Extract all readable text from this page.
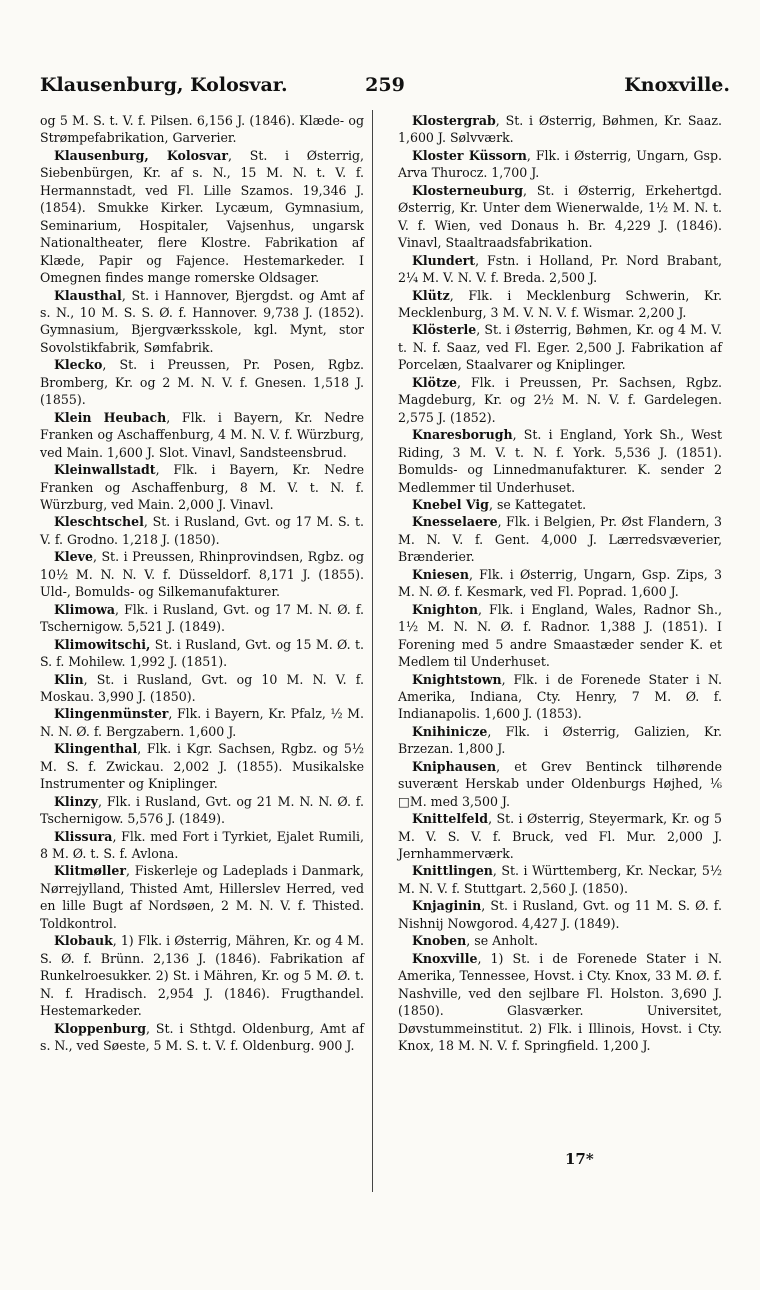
Klausenburg, Kolosvar.	259	Knoxville.

og 5 M. S. t. V. f. Pilsen. 6,156 J. (1846). Klæde- og Strømpefabrikation, Garverier.

Klausenburg, Kolosvar, St. i Østerrig, Siebenbürgen, Kr. af s. N., 15 M. N. t. V. f. Hermannstadt, ved Fl. Lille Szamos. 19,346 J. (1854). Smukke Kirker. Lycæum, Gymnasium, Seminarium, Hospitaler, Vajsenhus, ungarsk Nationaltheater, flere Klostre. Fabrikation af Klæde, Papir og Fajence. Hestemarkeder. I Omegnen findes mange romerske Oldsager.

Klausthal, St. i Hannover, Bjergdst. og Amt af s. N., 10 M. S. S. Ø. f. Hannover. 9,738 J. (1852). Gymnasium, Bjergværksskole, kgl. Mynt, stor Sovolstikfabrik, Sømfabrik.

Klecko, St. i Preussen, Pr. Posen, Rgbz. Bromberg, Kr. og 2 M. N. V. f. Gnesen. 1,518 J. (1855).

Klein Heubach, Flk. i Bayern, Kr. Nedre Franken og Aschaffenburg, 4 M. N. V. f. Würzburg, ved Main. 1,600 J. Slot. Vinavl, Sandsteensbrud.

Kleinwallstadt, Flk. i Bayern, Kr. Nedre Franken og Aschaffenburg, 8 M. V. t. N. f. Würzburg, ved Main. 2,000 J. Vinavl.

Kleschtschel, St. i Rusland, Gvt. og 17 M. S. t. V. f. Grodno. 1,218 J. (1850).

Kleve, St. i Preussen, Rhinprovindsen, Rgbz. og 10½ M. N. N. V. f. Düsseldorf. 8,171 J. (1855). Uld-, Bomulds- og Silkemanufakturer.

Klimowa, Flk. i Rusland, Gvt. og 17 M. N. Ø. f. Tschernigow. 5,521 J. (1849).

Klimowitschi, St. i Rusland, Gvt. og 15 M. Ø. t. S. f. Mohilew. 1,992 J. (1851).

Klin, St. i Rusland, Gvt. og 10 M. N. V. f. Moskau. 3,990 J. (1850).

Klingenmünster, Flk. i Bayern, Kr. Pfalz, ½ M. N. N. Ø. f. Bergzabern. 1,600 J.

Klingenthal, Flk. i Kgr. Sachsen, Rgbz. og 5½ M. S. f. Zwickau. 2,002 J. (1855). Musikalske Instrumenter og Kniplinger.

Klinzy, Flk. i Rusland, Gvt. og 21 M. N. N. Ø. f. Tschernigow. 5,576 J. (1849).

Klissura, Flk. med Fort i Tyrkiet, Ejalet Rumili, 8 M. Ø. t. S. f. Avlona.

Klitmøller, Fiskerleje og Ladeplads i Danmark, Nørrejylland, Thisted Amt, Hillerslev Herred, ved en lille Bugt af Nordsøen, 2 M. N. V. f. Thisted. Toldkontrol.

Klobauk, 1) Flk. i Østerrig, Mähren, Kr. og 4 M. S. Ø. f. Brünn. 2,136 J. (1846). Fabrikation af Runkelroesukker. 2) St. i Mähren, Kr. og 5 M. Ø. t. N. f. Hradisch. 2,954 J. (1846). Frugthandel. Hestemarkeder.

Kloppenburg, St. i Sthtgd. Oldenburg, Amt af s. N., ved Søeste, 5 M. S. t. V. f. Oldenburg. 900 J.

Klostergrab, St. i Østerrig, Bøhmen, Kr. Saaz. 1,600 J. Sølvværk.

Kloster Küssorn, Flk. i Østerrig, Ungarn, Gsp. Arva Thurocz. 1,700 J.

Klosterneuburg, St. i Østerrig, Erkehertgd. Østerrig, Kr. Unter dem Wienerwalde, 1½ M. N. t. V. f. Wien, ved Donaus h. Br. 4,229 J. (1846). Vinavl, Staaltraadsfabrikation.

Klundert, Fstn. i Holland, Pr. Nord Brabant, 2¼ M. V. N. V. f. Breda. 2,500 J.

Klütz, Flk. i Mecklenburg Schwerin, Kr. Mecklenburg, 3 M. V. N. V. f. Wismar. 2,200 J.

Klösterle, St. i Østerrig, Bøhmen, Kr. og 4 M. V. t. N. f. Saaz, ved Fl. Eger. 2,500 J. Fabrikation af Porcelæn, Staalvarer og Kniplinger.

Klötze, Flk. i Preussen, Pr. Sachsen, Rgbz. Magdeburg, Kr. og 2½ M. N. V. f. Gardelegen. 2,575 J. (1852).

Knaresborugh, St. i England, York Sh., West Riding, 3 M. V. t. N. f. York. 5,536 J. (1851). Bomulds- og Linnedmanufakturer. K. sender 2 Medlemmer til Underhuset.

Knebel Vig, se Kattegatet.

Knesselaere, Flk. i Belgien, Pr. Øst Flandern, 3 M. N. V. f. Gent. 4,000 J. Lærredsvæverier, Brænderier.

Kniesen, Flk. i Østerrig, Ungarn, Gsp. Zips, 3 M. N. Ø. f. Kesmark, ved Fl. Poprad. 1,600 J.

Knighton, Flk. i England, Wales, Radnor Sh., 1½ M. N. N. Ø. f. Radnor. 1,388 J. (1851). I Forening med 5 andre Smaastæder sender K. et Medlem til Underhuset.

Knightstown, Flk. i de Forenede Stater i N. Amerika, Indiana, Cty. Henry, 7 M. Ø. f. Indianapolis. 1,600 J. (1853).

Knihinicze, Flk. i Østerrig, Galizien, Kr. Brzezan. 1,800 J.

Kniphausen, et Grev Bentinck tilhørende suverænt Herskab under Oldenburgs Højhed, ⅙ □M. med 3,500 J.

Knittelfeld, St. i Østerrig, Steyermark, Kr. og 5 M. V. S. V. f. Bruck, ved Fl. Mur. 2,000 J. Jernhammerværk.

Knittlingen, St. i Württemberg, Kr. Neckar, 5½ M. N. V. f. Stuttgart. 2,560 J. (1850).

Knjaginin, St. i Rusland, Gvt. og 11 M. S. Ø. f. Nishnij Nowgorod. 4,427 J. (1849).

Knoben, se Anholt.

Knoxville, 1) St. i de Forenede Stater i N. Amerika, Tennessee, Hovst. i Cty. Knox, 33 M. Ø. f. Nashville, ved den sejlbare Fl. Holston. 3,690 J. (1850). Glasværker. Universitet, Døvstummeinstitut. 2) Flk. i Illinois, Hovst. i Cty. Knox, 18 M. N. V. f. Springfield. 1,200 J.

17*
